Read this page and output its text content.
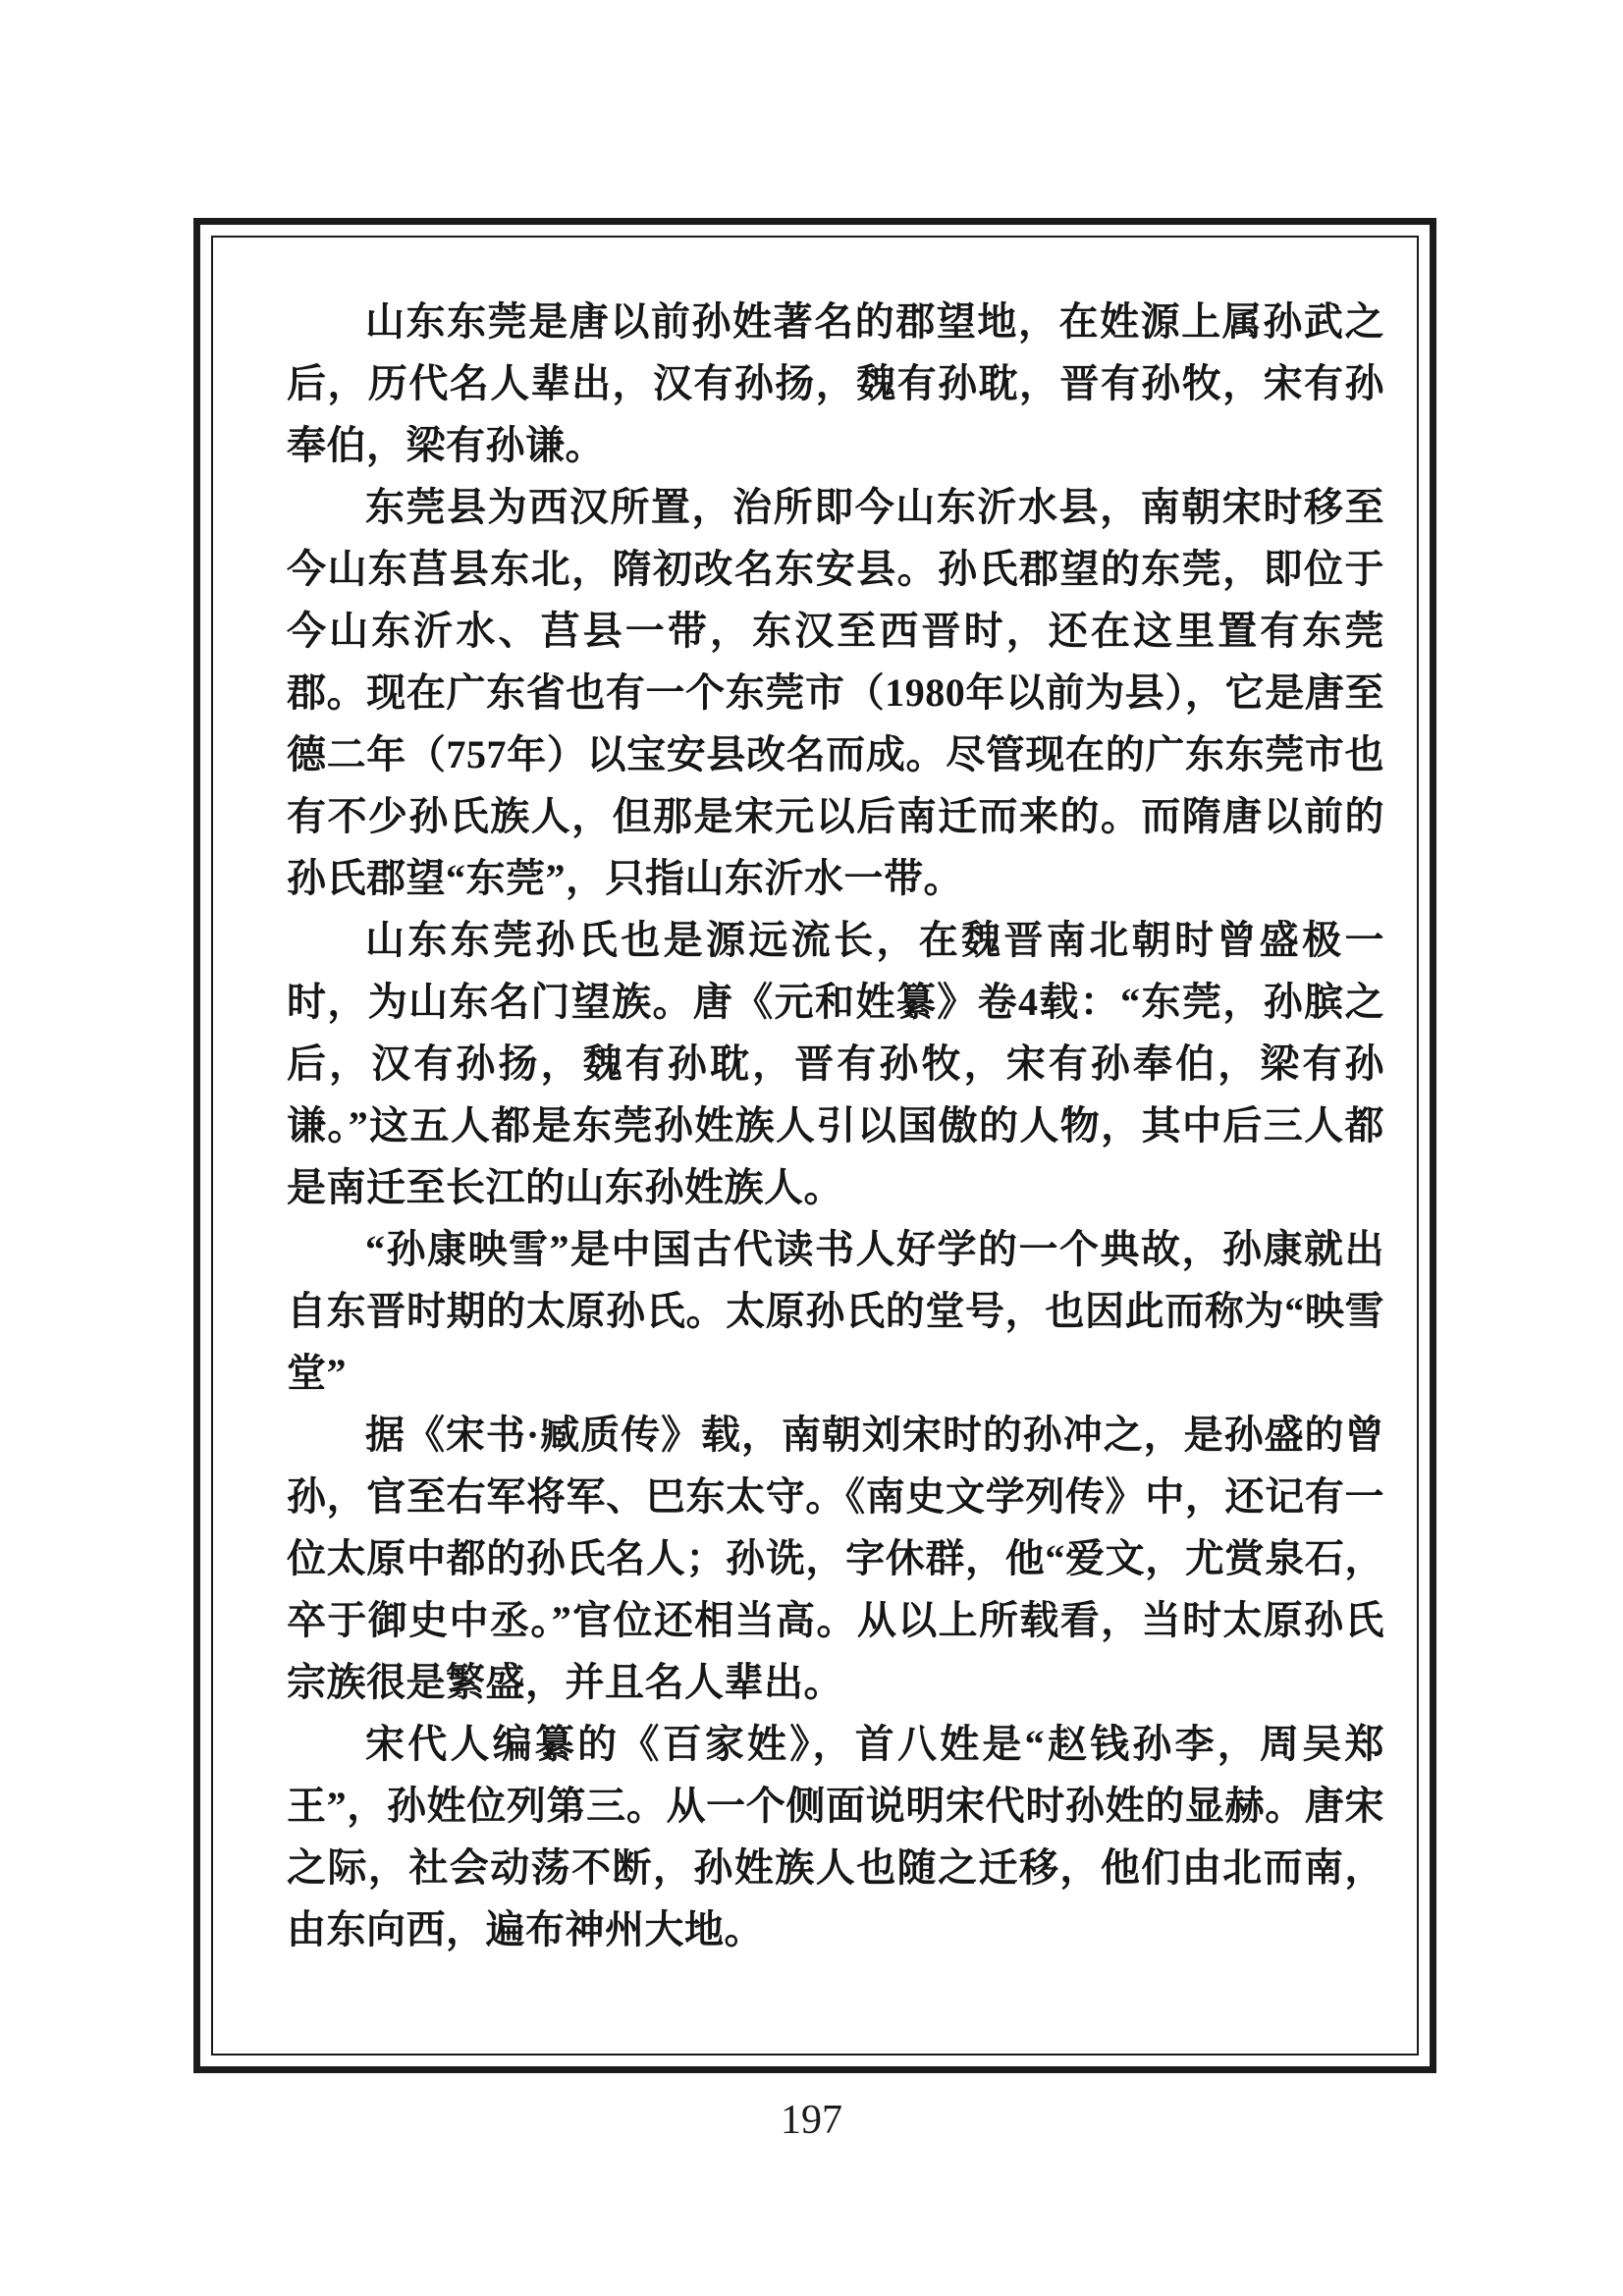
山东东莞是唐以前孙姓著名的郡望地，在姓源上属孙武之后，历代名人辈出，汉有孙扬，魏有孙耽，晋有孙牧，宋有孙奉伯，梁有孙谦。

东莞县为西汉所置，治所即今山东沂水县，南朝宋时移至今山东莒县东北，隋初改名东安县。孙氏郡望的东莞，即位于今山东沂水、莒县一带，东汉至西晋时，还在这里置有东莞郡。现在广东省也有一个东莞市（1980年以前为县），它是唐至德二年（757年）以宝安县改名而成。尽管现在的广东东莞市也有不少孙氏族人，但那是宋元以后南迁而来的。而隋唐以前的孙氏郡望“东莞”，只指山东沂水一带。

山东东莞孙氏也是源远流长，在魏晋南北朝时曾盛极一时，为山东名门望族。唐《元和姓纂》卷4载：“东莞，孙膑之后，汉有孙扬，魏有孙耽，晋有孙牧，宋有孙奉伯，梁有孙谦。”这五人都是东莞孙姓族人引以国傲的人物，其中后三人都是南迁至长江的山东孙姓族人。

“孙康映雪”是中国古代读书人好学的一个典故，孙康就出自东晋时期的太原孙氏。太原孙氏的堂号，也因此而称为“映雪堂”

据《宋书·臧质传》载，南朝刘宋时的孙冲之，是孙盛的曾孙，官至右军将军、巴东太守。《南史文学列传》中，还记有一位太原中都的孙氏名人；孙诜，字休群，他“爱文，尤赏泉石，卒于御史中丞。”官位还相当高。从以上所载看，当时太原孙氏宗族很是繁盛，并且名人辈出。

宋代人编纂的《百家姓》，首八姓是“赵钱孙李，周吴郑王”，孙姓位列第三。从一个侧面说明宋代时孙姓的显赫。唐宋之际，社会动荡不断，孙姓族人也随之迁移，他们由北而南，由东向西，遍布神州大地。

197
